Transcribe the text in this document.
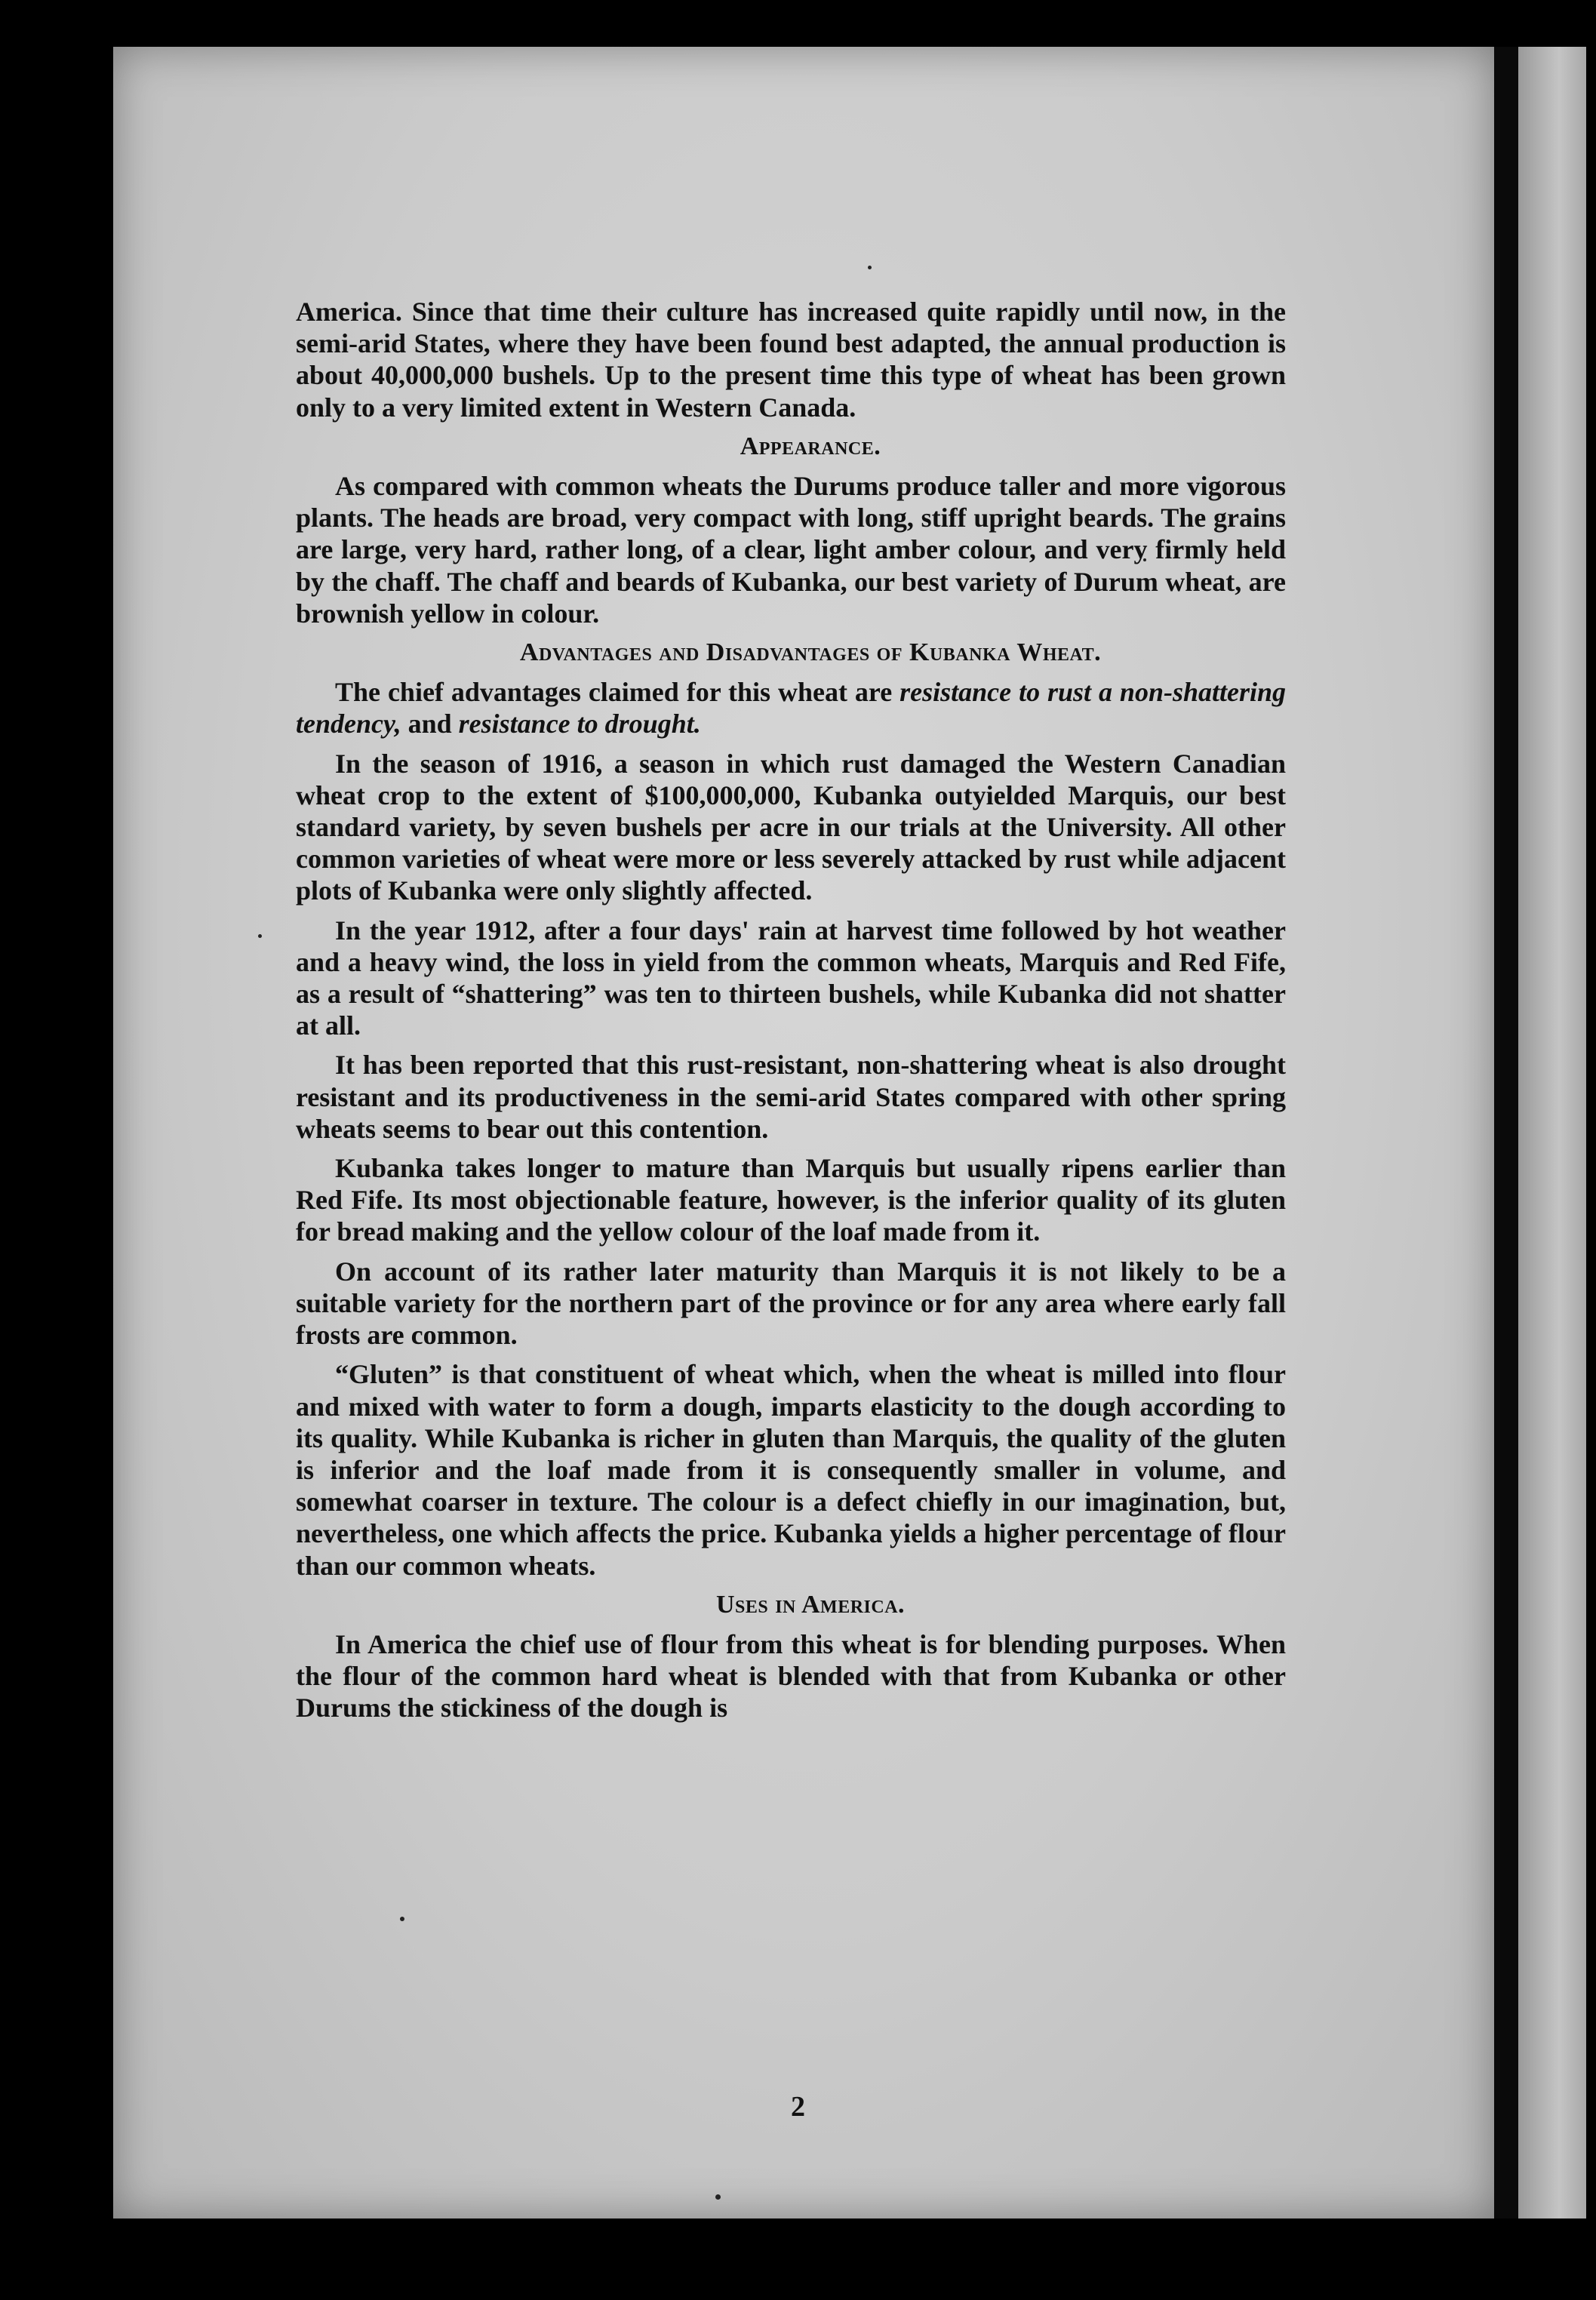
America. Since that time their culture has increased quite rapidly until now, in the semi-arid States, where they have been found best adapted, the annual production is about 40,000,000 bushels. Up to the present time this type of wheat has been grown only to a very limited extent in Western Canada.

Appearance.

As compared with common wheats the Durums produce taller and more vigorous plants. The heads are broad, very compact with long, stiff upright beards. The grains are large, very hard, rather long, of a clear, light amber colour, and very firmly held by the chaff. The chaff and beards of Kubanka, our best variety of Durum wheat, are brownish yellow in colour.

Advantages and Disadvantages of Kubanka Wheat.

The chief advantages claimed for this wheat are resistance to rust a non-shattering tendency, and resistance to drought.

In the season of 1916, a season in which rust damaged the Western Canadian wheat crop to the extent of $100,000,000, Kubanka outyielded Marquis, our best standard variety, by seven bushels per acre in our trials at the University. All other common varieties of wheat were more or less severely attacked by rust while adjacent plots of Kubanka were only slightly affected.

In the year 1912, after a four days' rain at harvest time followed by hot weather and a heavy wind, the loss in yield from the common wheats, Marquis and Red Fife, as a result of “shattering” was ten to thirteen bushels, while Kubanka did not shatter at all.

It has been reported that this rust-resistant, non-shattering wheat is also drought resistant and its productiveness in the semi-arid States compared with other spring wheats seems to bear out this contention.

Kubanka takes longer to mature than Marquis but usually ripens earlier than Red Fife. Its most objectionable feature, however, is the inferior quality of its gluten for bread making and the yellow colour of the loaf made from it.

On account of its rather later maturity than Marquis it is not likely to be a suitable variety for the northern part of the province or for any area where early fall frosts are common.

“Gluten” is that constituent of wheat which, when the wheat is milled into flour and mixed with water to form a dough, imparts elasticity to the dough according to its quality. While Kubanka is richer in gluten than Marquis, the quality of the gluten is inferior and the loaf made from it is consequently smaller in volume, and somewhat coarser in texture. The colour is a defect chiefly in our imagination, but, nevertheless, one which affects the price. Kubanka yields a higher percentage of flour than our common wheats.

Uses in America.

In America the chief use of flour from this wheat is for blending purposes. When the flour of the common hard wheat is blended with that from Kubanka or other Durums the stickiness of the dough is

2
